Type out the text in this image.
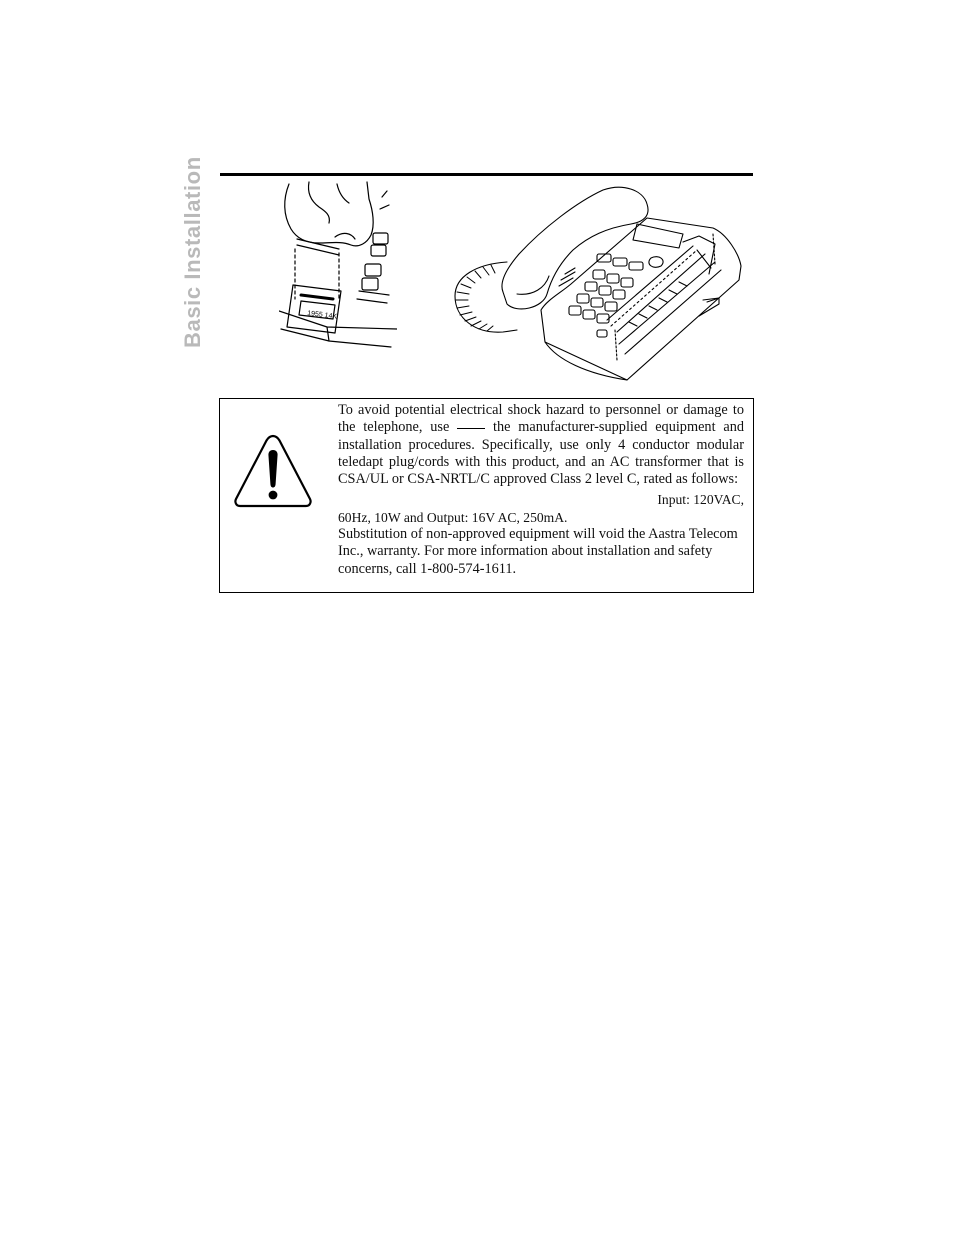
Basic Installation	1955 14K

To avoid potential electrical shock hazard to personnel or damage to the telephone, use	the manufacturer-supplied equipment and installation procedures. Specifically, use only 4 conductor modular teledapt plug/cords with this product, and an AC transformer that is CSA/UL or CSA-NRTL/C approved Class 2 level C, rated as follows:

Input: 120VAC,

60Hz, 10W and Output: 16V AC, 250mA.

Substitution of non-approved equipment will void the Aastra Telecom Inc., warranty. For more information about installation and safety concerns, call 1-800-574-1611.
